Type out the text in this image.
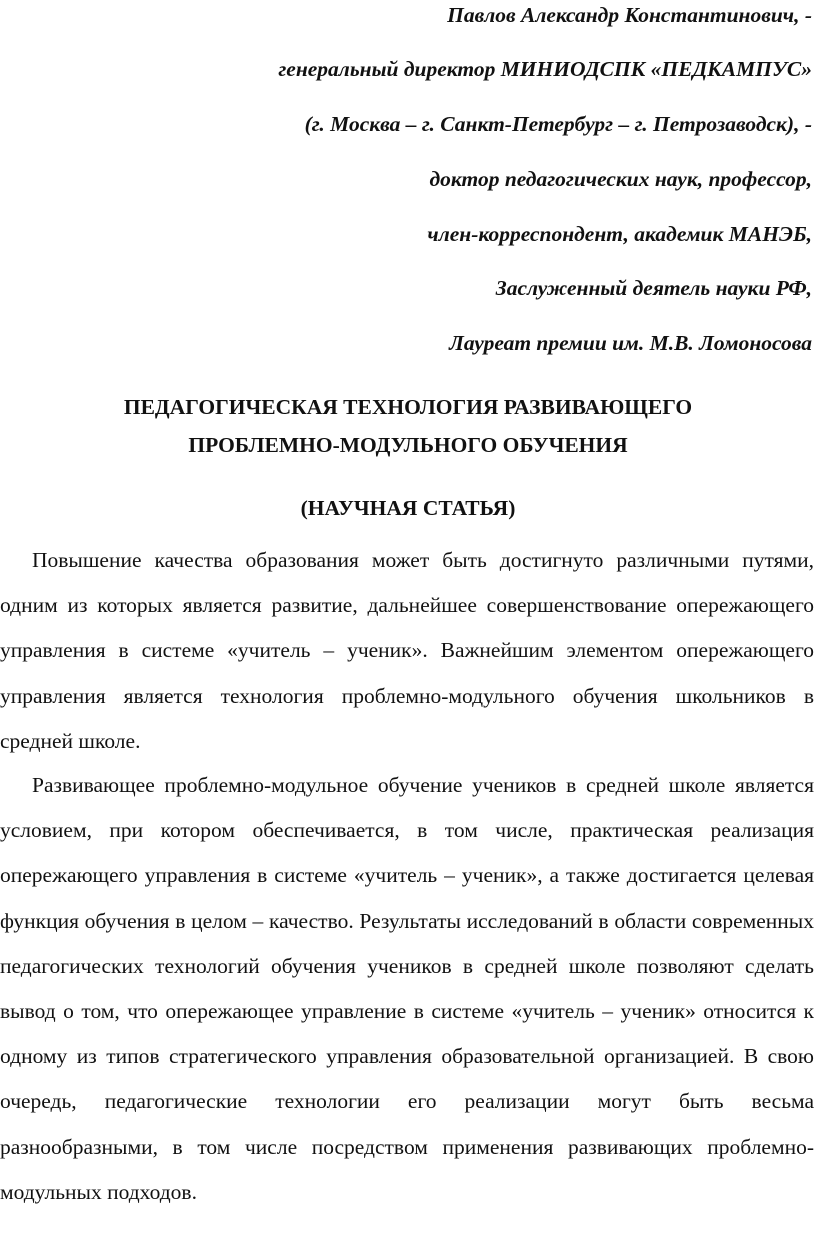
Павлов Александр Константинович, -
генеральный директор МИНИОДСПК «ПЕДКАМПУС»
(г. Москва – г. Санкт-Петербург – г. Петрозаводск), -
доктор педагогических наук, профессор,
член-корреспондент, академик МАНЭБ,
Заслуженный деятель науки РФ,
Лауреат премии им. М.В. Ломоносова
ПЕДАГОГИЧЕСКАЯ ТЕХНОЛОГИЯ РАЗВИВАЮЩЕГО
ПРОБЛЕМНО-МОДУЛЬНОГО ОБУЧЕНИЯ
(НАУЧНАЯ СТАТЬЯ)
Повышение качества образования может быть достигнуто различными путями, одним из которых является развитие, дальнейшее совершенствование опережающего управления в системе «учитель – ученик». Важнейшим элементом опережающего управления является технология проблемно-модульного обучения школьников в средней школе.
Развивающее проблемно-модульное обучение учеников в средней школе является условием, при котором обеспечивается, в том числе, практическая реализация опережающего управления в системе «учитель – ученик», а также достигается целевая функция обучения в целом – качество. Результаты исследований в области современных педагогических технологий обучения учеников в средней школе позволяют сделать вывод о том, что опережающее управление в системе «учитель – ученик» относится к одному из типов стратегического управления образовательной организацией. В свою очередь, педагогические технологии его реализации могут быть весьма разнообразными, в том числе посредством применения развивающих проблемно-модульных подходов.
